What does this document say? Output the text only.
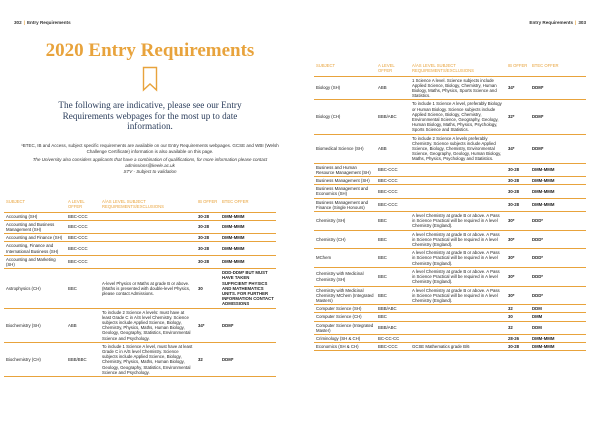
302 | Entry Requirements
2020 Entry Requirements

The following are indicative, please see our Entry Requirements webpages for the most up to date information.

¹BTEC, IB and Access, subject specific requirements are available on our Entry Requirements webpages. GCSE and WBI (Welsh Challenge Certificate) information is also available on this page.
The University also considers applicants that have a combination of qualifications, for more information please contact admissions@keele.ac.uk
STV - Subject to validation
SUBJECT	A LEVEL OFFER	A/AS LEVEL SUBJECT REQUIREMENTS/EXCLUSIONS	IB OFFER	BTEC OFFER
Accounting (SH)	BBC-CCC		30-28	DMM-MMM
Accounting and Business Management (SH)	BBC-CCC		30-28	DMM-MMM
Accounting and Finance (SH)	BBC-CCC		30-28	DMM-MMM
Accounting, Finance and International Business (SH)	BBC-CCC		30-28	DMM-MMM
Accounting and Marketing (SH)	BBC-CCC		30-28	DMM-MMM
Astrophysics (CH)	BBC	A-level Physics or Maths at grade B or above. (Maths is presented with double-level Physics, please contact Admissions.	30	DDD-DDM* BUT MUST HAVE TAKEN SUFFICIENT PHYSICS AND MATHEMATICS UNITS. FOR FURTHER INFORMATION CONTACT ADMISSIONS
Biochemistry (SH)	ABB	To include 2 Science A levels: must have at least Grade C in A/S level Chemistry. Science subjects include Applied Science, Biology, Chemistry, Physics, Maths, Human Biology, Geology, Geography, Statistics, Environmental Science and Psychology.	34*	DDM*
Biochemistry (CH)	BBB/BBC	To include 1 Science A level, must have at least Grade C in A/S level Chemistry. Science subjects include Applied Science, Biology, Chemistry, Physics, Maths, Human Biology, Geology, Geography, Statistics, Environmental Science and Psychology.	32	DDM*
Entry Requirements | 303
SUBJECT	A LEVEL OFFER	A/AS LEVEL SUBJECT REQUIREMENTS/EXCLUSIONS	IB OFFER	BTEC OFFER
Biology (SH)	ABB	1 Science A level. Science subjects include Applied Science, Biology, Chemistry, Human Biology, Maths, Physics, Sports Science and Statistics.	34*	DDM*
Biology (CH)	BBB/ABC	To include 1 Science A level, preferably Biology or Human Biology. Science subjects include Applied Science, Biology, Chemistry, Environmental Science, Geography, Geology, Human Biology, Maths, Physics, Psychology, Sports Science and Statistics.	32*	DDM*
Biomedical Science (SH)	ABB	To include 2 Science A levels preferably Chemistry. Science subjects include Applied Science, Biology, Chemistry, Environmental Science, Geography, Geology, Human Biology, Maths, Physics, Psychology and Statistics.	34*	DDM*
Business and Human Resource Management (SH)	BBC-CCC		30-28	DMM-MMM
Business Management (SH)	BBC-CCC		30-28	DMM-MMM
Business Management and Economics (SH)	BBC-CCC		30-28	DMM-MMM
Business Management and Finance (Single Honours)	BBC-CCC		30-28	DMM-MMM
Chemistry (SH)	BBC	A level Chemistry at grade B or above. A Pass in Science Practical will be required in A level Chemistry (England).	30*	DDD*
Chemistry (CH)	BBC	A level Chemistry at grade B or above. A Pass in Science Practical will be required in A level Chemistry (England).	30*	DDD*
MChem	BBC	A level Chemistry at grade B or above. A Pass in Science Practical will be required in A level Chemistry (England).	30*	DDD*
Chemistry with Medicinal Chemistry (SH)	BBC	A level Chemistry at grade B or above. A Pass in Science Practical will be required in A level Chemistry (England).	30*	DDD*
Chemistry with Medicinal Chemistry MChem (Integrated Masters)	BBC	A level Chemistry at grade B or above. A Pass in Science Practical will be required in A level Chemistry (England).	30*	DDD*
Computer Science (SH)	BBB/ABC		32	DDM
Computer Science (CH)	BBC		30	DMM
Computer Science (Integrated Master)	BBB/ABC		32	DDM
Criminology (SH & CH)	BC-CC-CC		28-26	DMM-MMM
Economics (SH & CH)	BBC-CCC	GCSE Mathematics grade B/6	30-28	DMM-MMM
